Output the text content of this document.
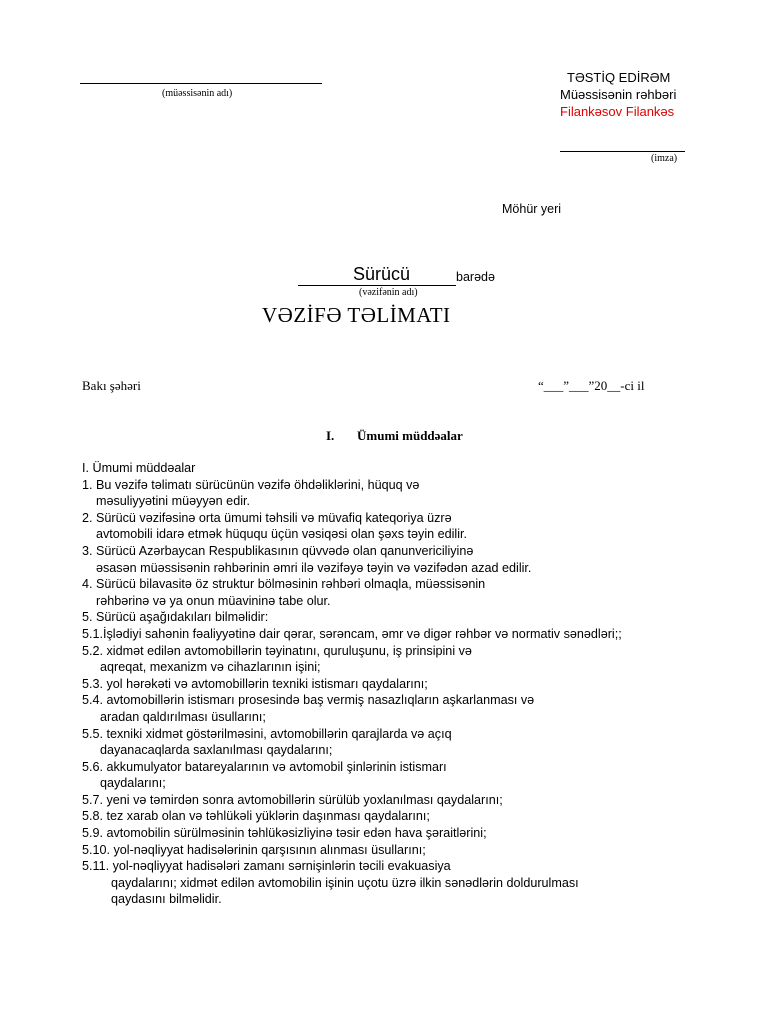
(müəssisənin adı)
TƏSTİQ EDİRƏM
Müəssisənin rəhbəri
Filankəsov Filankəs
(imza)
Möhür yeri
Sürücü	barədə
(vəzifənin adı)
VƏZİFƏ TƏLİMATI
Bakı şəhəri	“___”___”20__-ci il
I. Ümumi müddəalar
I. Ümumi müddəalar
1. Bu vəzifə təlimatı sürücünün vəzifə öhdəliklərini, hüquq və
məsuliyyətini müəyyən edir.
2. Sürücü vəzifəsinə orta ümumi təhsili və müvafiq kateqoriya üzrə
avtomobili idarə etmək hüququ üçün vəsiqəsi olan şəxs təyin edilir.
3. Sürücü Azərbaycan Respublikasının qüvvədə olan qanunvericiliyinə
əsasən müəssisənin rəhbərinin əmri ilə vəzifəyə təyin və vəzifədən azad edilir.
4. Sürücü bilavasitə öz struktur bölməsinin rəhbəri olmaqla, müəssisənin
rəhbərinə və ya onun müavininə tabe olur.
5. Sürücü aşağıdakıları bilməlidir:
5.1.İşlədiyi sahənin fəaliyyətinə dair qərar, sərəncam, əmr və digər rəhbər və normativ sənədləri;;
5.2. xidmət edilən avtomobillərin təyinatını, quruluşunu, iş prinsipini və
aqreqat, mexanizm və cihazlarının işini;
5.3. yol hərəkəti və avtomobillərin texniki istismarı qaydalarını;
5.4. avtomobillərin istismarı prosesində baş vermiş nasazlıqların aşkarlanması və
aradan qaldırılması üsullarını;
5.5. texniki xidmət göstərilməsini, avtomobillərin qarajlarda və açıq
dayanacaqlarda saxlanılması qaydalarını;
5.6. akkumulyator batareyalarının və avtomobil şinlərinin istismarı
qaydalarını;
5.7. yeni və təmirdən sonra avtomobillərin sürülüb yoxlanılması qaydalarını;
5.8. tez xarab olan və təhlükəli yüklərin daşınması qaydalarını;
5.9. avtomobilin sürülməsinin təhlükəsizliyinə təsir edən hava şəraitlərini;
5.10. yol-nəqliyyat hadisələrinin qarşısının alınması üsullarını;
5.11. yol-nəqliyyat hadisələri zamanı sərnişinlərin təcili evakuasiya
qaydalarını; xidmət edilən avtomobilin işinin uçotu üzrə ilkin sənədlərin doldurulması
qaydasını bilməlidir.
